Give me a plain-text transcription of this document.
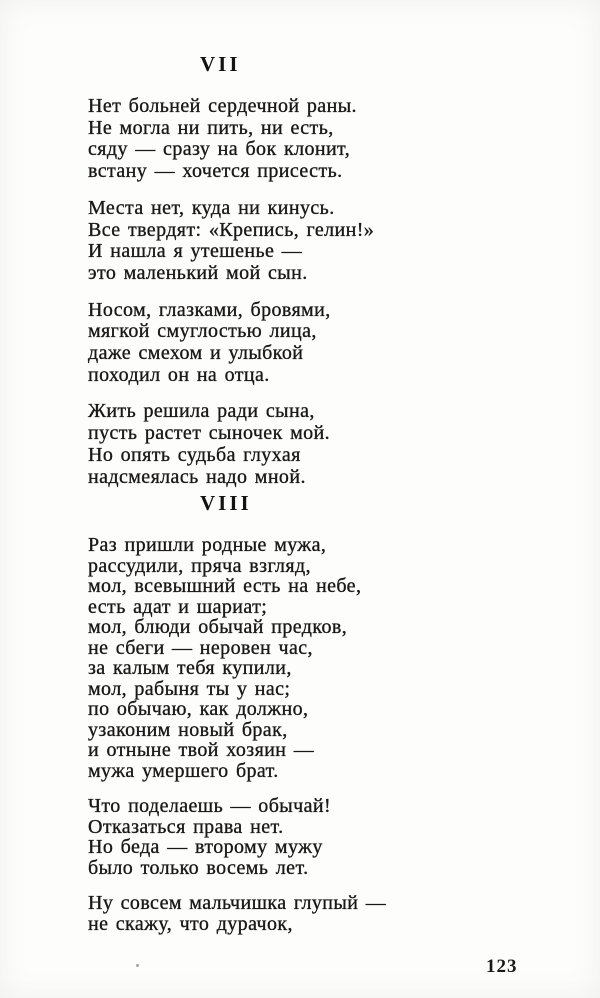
VII
Нет больней сердечной раны.
Не могла ни пить, ни есть,
сяду — сразу на бок клонит,
встану — хочется присесть.
Места нет, куда ни кинусь.
Все твердят: «Крепись, гелин!»
И нашла я утешенье —
это маленький мой сын.
Носом, глазками, бровями,
мягкой смуглостью лица,
даже смехом и улыбкой
походил он на отца.
Жить решила ради сына,
пусть растет сыночек мой.
Но опять судьба глухая
надсмеялась надо мной.
VIII
Раз пришли родные мужа,
рассудили, пряча взгляд,
мол, всевышний есть на небе,
есть адат и шариат;
мол, блюди обычай предков,
не сбеги — неровен час,
за калым тебя купили,
мол, рабыня ты у нас;
по обычаю, как должно,
узаконим новый брак,
и отныне твой хозяин —
мужа умершего брат.
Что поделаешь — обычай!
Отказаться права нет.
Но беда — второму мужу
было только восемь лет.
Ну совсем мальчишка глупый —
не скажу, что дурачок,
123
